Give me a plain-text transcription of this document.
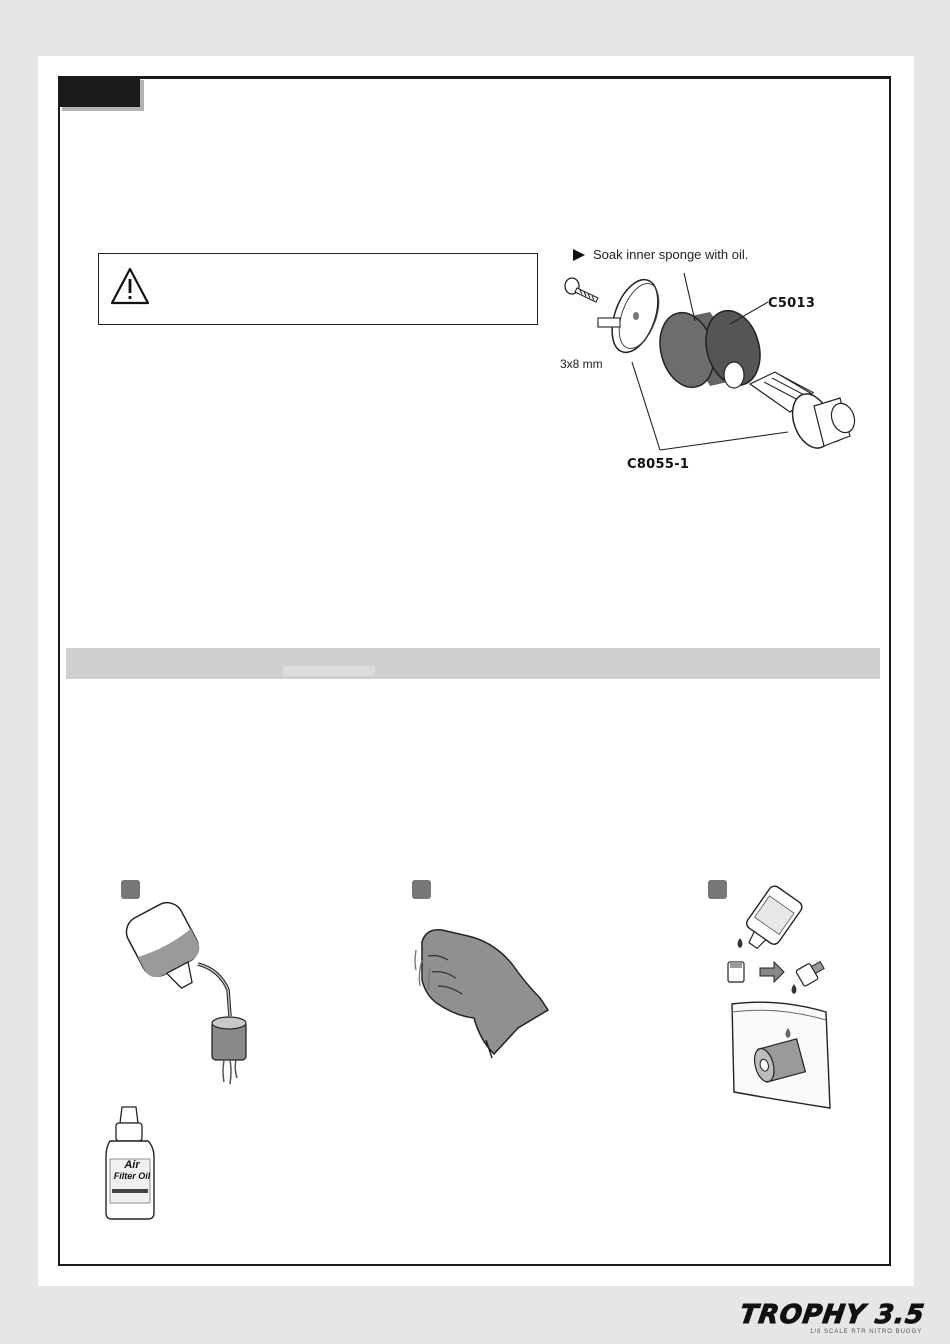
Soak inner sponge with oil.
C5013
C8055-1
3x8 mm
Air
Filter Oil
TROPHY 3.5
1/8 SCALE RTR NITRO BUGGY
